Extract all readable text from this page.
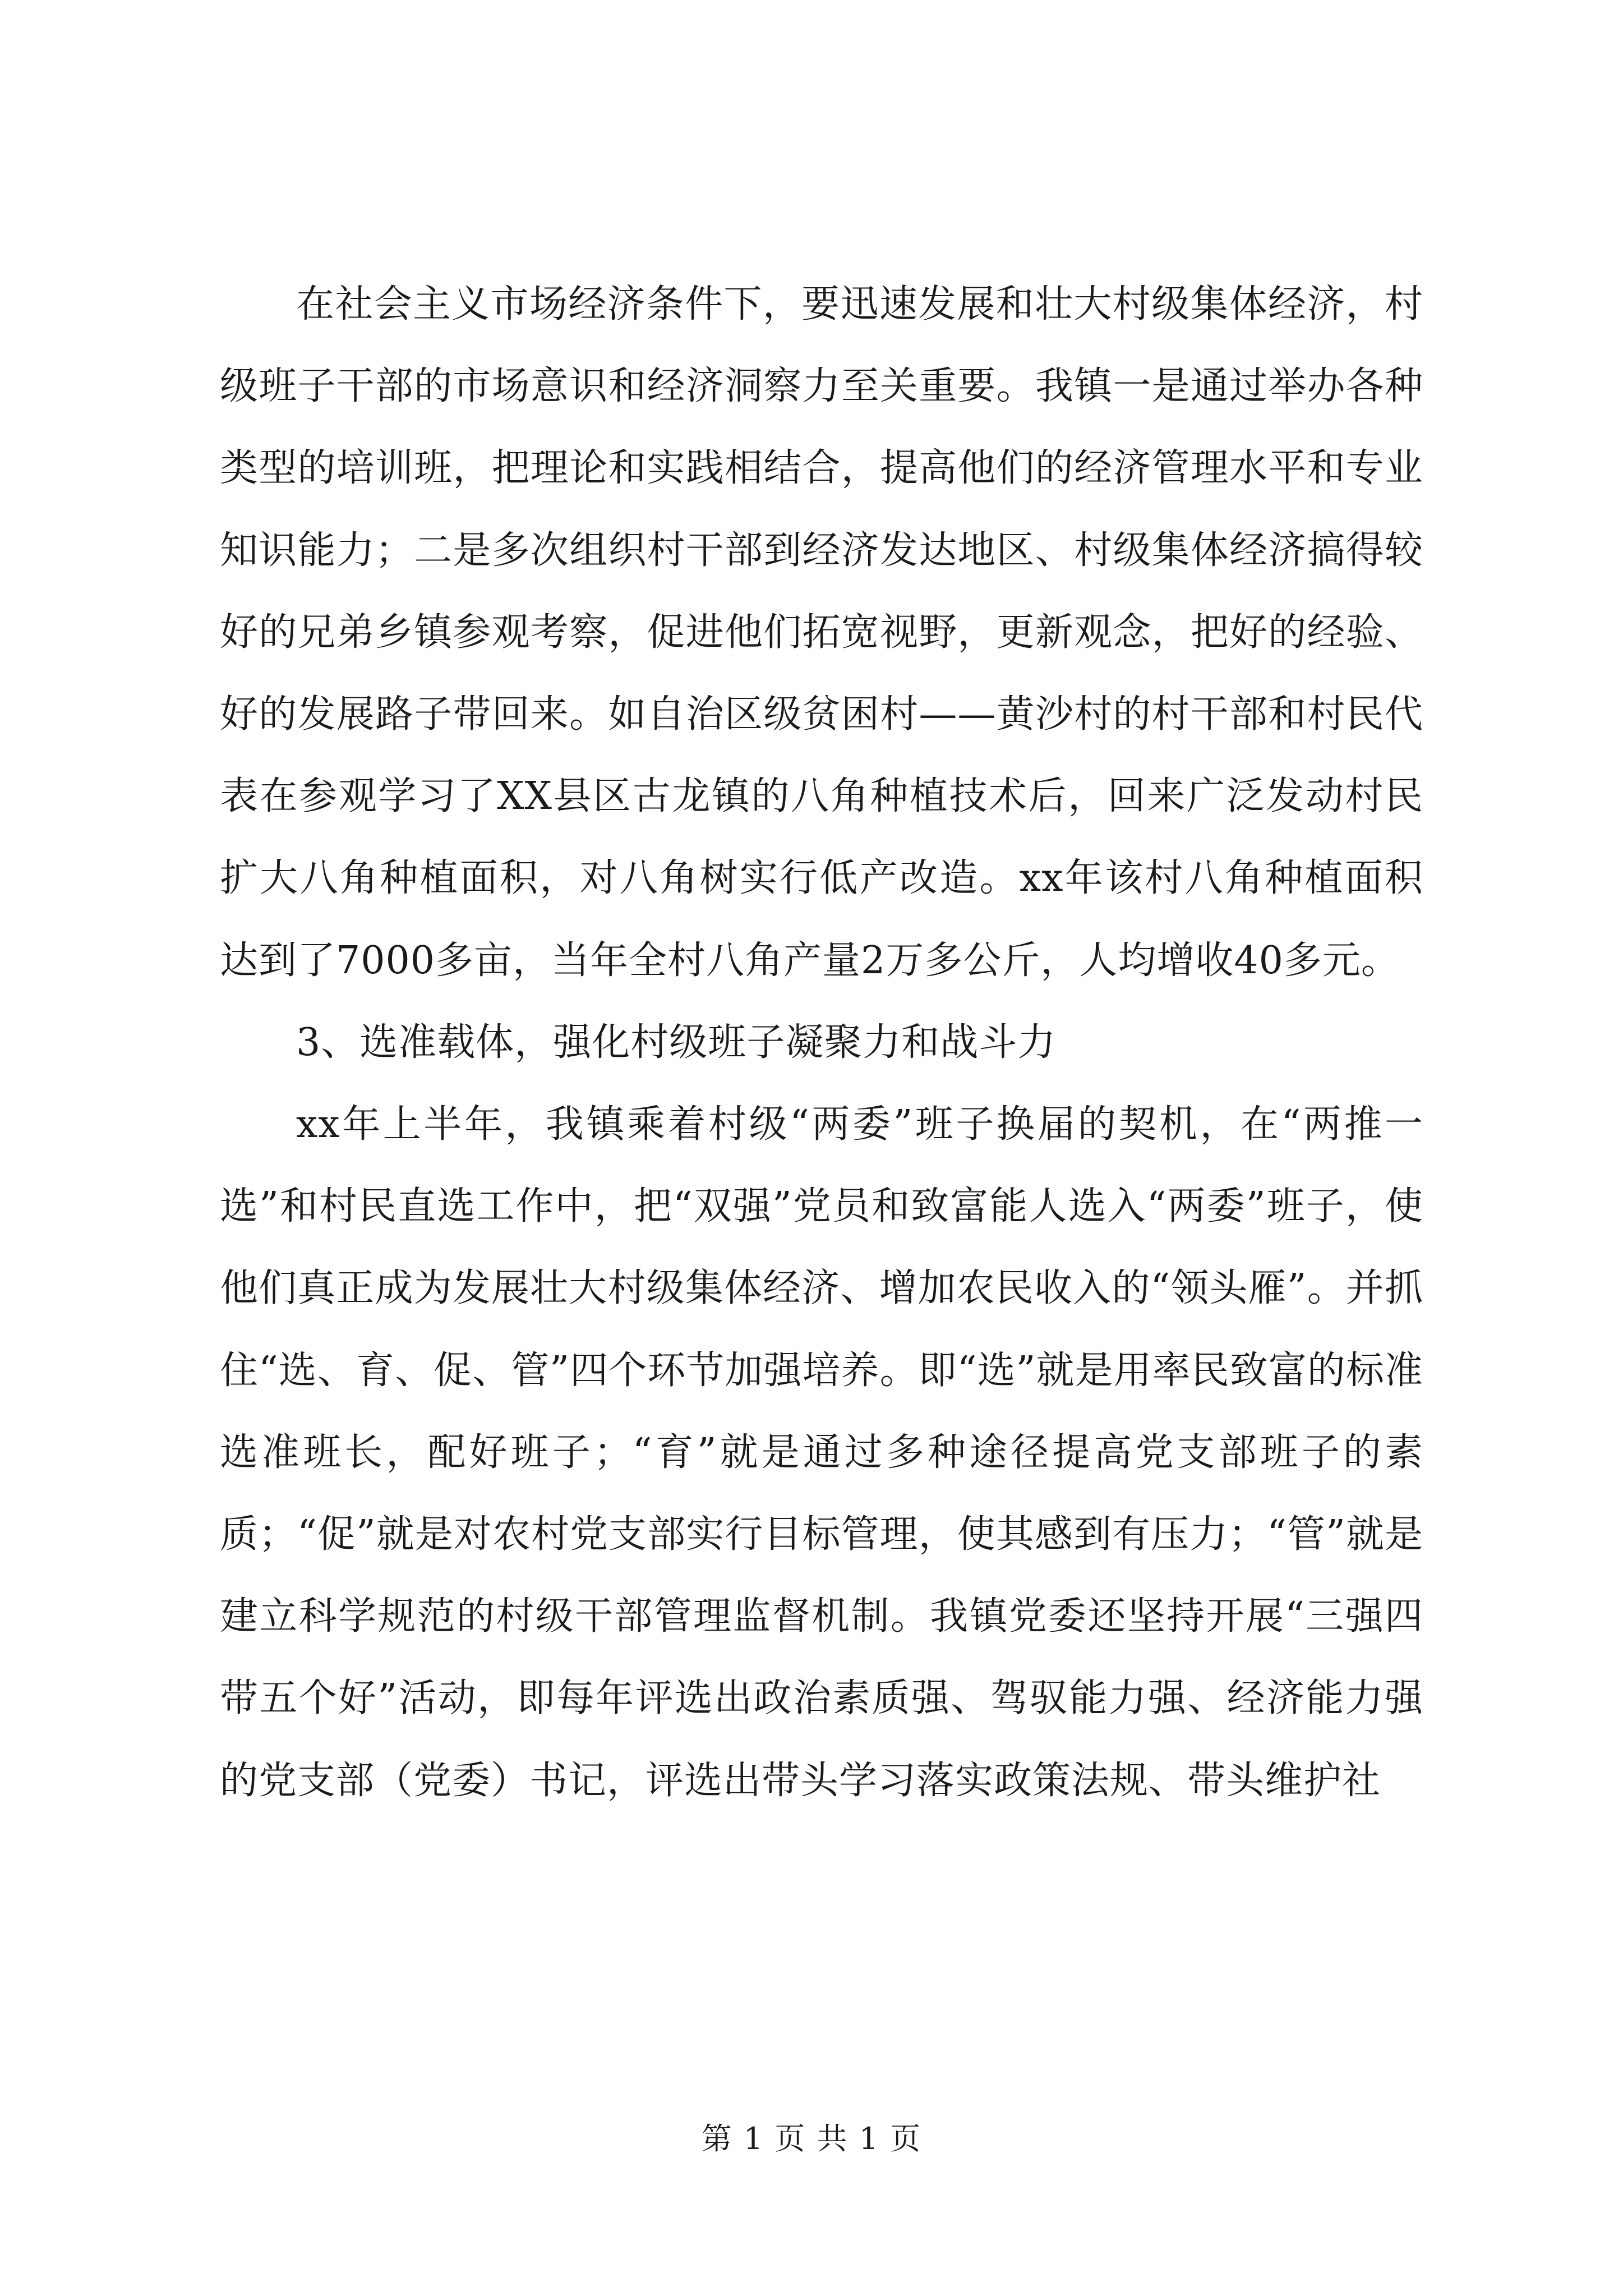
在社会主义市场经济条件下，要迅速发展和壮大村级集体经济，村级班子干部的市场意识和经济洞察力至关重要。我镇一是通过举办各种类型的培训班，把理论和实践相结合，提高他们的经济管理水平和专业知识能力；二是多次组织村干部到经济发达地区、村级集体经济搞得较好的兄弟乡镇参观考察，促进他们拓宽视野，更新观念，把好的经验、好的发展路子带回来。如自治区级贫困村——黄沙村的村干部和村民代表在参观学习了XX县区古龙镇的八角种植技术后，回来广泛发动村民扩大八角种植面积，对八角树实行低产改造。xx年该村八角种植面积达到了7000多亩，当年全村八角产量2万多公斤，人均增收40多元。

3、选准载体，强化村级班子凝聚力和战斗力

xx年上半年，我镇乘着村级“两委”班子换届的契机，在“两推一选”和村民直选工作中，把“双强”党员和致富能人选入“两委”班子，使他们真正成为发展壮大村级集体经济、增加农民收入的“领头雁”。并抓住“选、育、促、管”四个环节加强培养。即“选”就是用率民致富的标准选准班长，配好班子；“育”就是通过多种途径提高党支部班子的素质；“促”就是对农村党支部实行目标管理，使其感到有压力；“管”就是建立科学规范的村级干部管理监督机制。我镇党委还坚持开展“三强四带五个好”活动，即每年评选出政治素质强、驾驭能力强、经济能力强的党支部（党委）书记，评选出带头学习落实政策法规、带头维护社

第 1 页 共 1 页
